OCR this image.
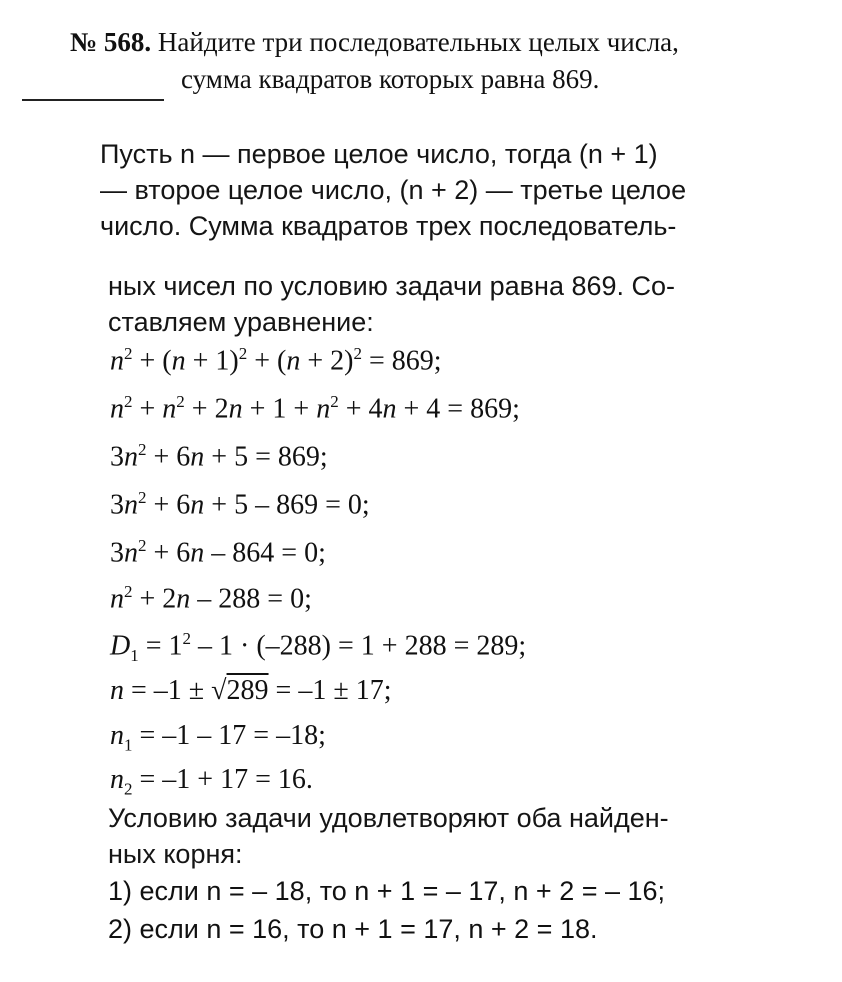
№ 568. Найдите три последовательных целых числа,
сумма квадратов которых равна 869.
Пусть n — первое целое число, тогда (n + 1)
— второе целое число, (n + 2) — третье целое
число. Сумма квадратов трех последователь-
ных чисел по условию задачи равна 869. Со-
ставляем уравнение:
$n^2 + (n + 1)^2 + (n + 2)^2 = 869$;
$n^2 + n^2 + 2n + 1 + n^2 + 4n + 4 = 869$;
$3n^2 + 6n + 5 = 869$;
$3n^2 + 6n + 5 - 869 = 0$;
$3n^2 + 6n - 864 = 0$;
$n^2 + 2n - 288 = 0$;
$D_1 = 1^2 - 1 \cdot (-288) = 1 + 288 = 289$;
n = –1 ± √289 = –1 ± 17;
$n_1 = -1 - 17 = -18$;
$n_2 = -1 + 17 = 16$.
Условию задачи удовлетворяют оба найден-
ных корня:
1) если n = – 18, то n + 1 = – 17, n + 2 = – 16;
2) если n = 16, то n + 1 = 17, n + 2 = 18.
